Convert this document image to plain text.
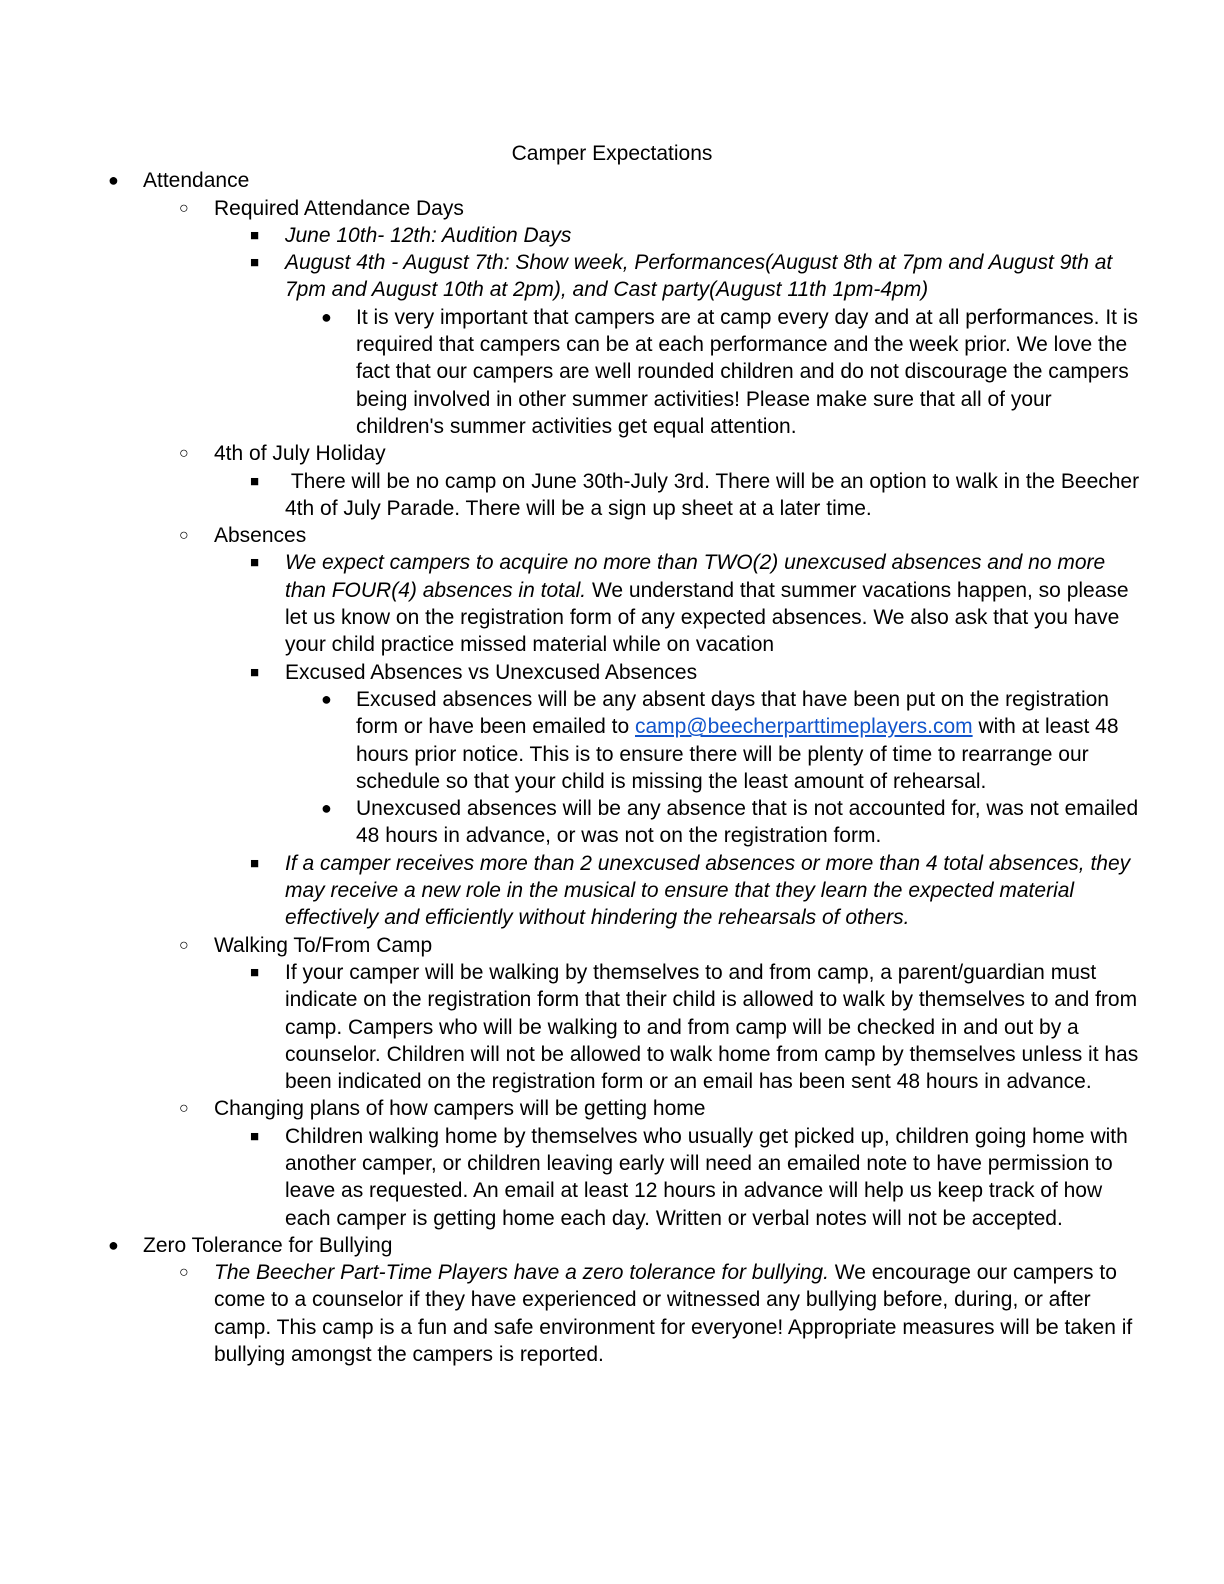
Camper Expectations
● Attendance
○ Required Attendance Days
■ June 10th- 12th: Audition Days
■ August 4th - August 7th: Show week, Performances(August 8th at 7pm and August 9th at 7pm and August 10th at 2pm), and Cast party(August 11th 1pm-4pm)
● It is very important that campers are at camp every day and at all performances. It is required that campers can be at each performance and the week prior. We love the fact that our campers are well rounded children and do not discourage the campers being involved in other summer activities! Please make sure that all of your children's summer activities get equal attention.
○ 4th of July Holiday
■ There will be no camp on June 30th-July 3rd. There will be an option to walk in the Beecher 4th of July Parade. There will be a sign up sheet at a later time.
○ Absences
■ We expect campers to acquire no more than TWO(2) unexcused absences and no more than FOUR(4) absences in total. We understand that summer vacations happen, so please let us know on the registration form of any expected absences. We also ask that you have your child practice missed material while on vacation
■ Excused Absences vs Unexcused Absences
● Excused absences will be any absent days that have been put on the registration form or have been emailed to camp@beecherparttimeplayers.com with at least 48 hours prior notice. This is to ensure there will be plenty of time to rearrange our schedule so that your child is missing the least amount of rehearsal.
● Unexcused absences will be any absence that is not accounted for, was not emailed 48 hours in advance, or was not on the registration form.
■ If a camper receives more than 2 unexcused absences or more than 4 total absences, they may receive a new role in the musical to ensure that they learn the expected material effectively and efficiently without hindering the rehearsals of others.
○ Walking To/From Camp
■ If your camper will be walking by themselves to and from camp, a parent/guardian must indicate on the registration form that their child is allowed to walk by themselves to and from camp. Campers who will be walking to and from camp will be checked in and out by a counselor. Children will not be allowed to walk home from camp by themselves unless it has been indicated on the registration form or an email has been sent 48 hours in advance.
○ Changing plans of how campers will be getting home
■ Children walking home by themselves who usually get picked up, children going home with another camper, or children leaving early will need an emailed note to have permission to leave as requested. An email at least 12 hours in advance will help us keep track of how each camper is getting home each day. Written or verbal notes will not be accepted.
● Zero Tolerance for Bullying
○ The Beecher Part-Time Players have a zero tolerance for bullying. We encourage our campers to come to a counselor if they have experienced or witnessed any bullying before, during, or after camp. This camp is a fun and safe environment for everyone! Appropriate measures will be taken if bullying amongst the campers is reported.
